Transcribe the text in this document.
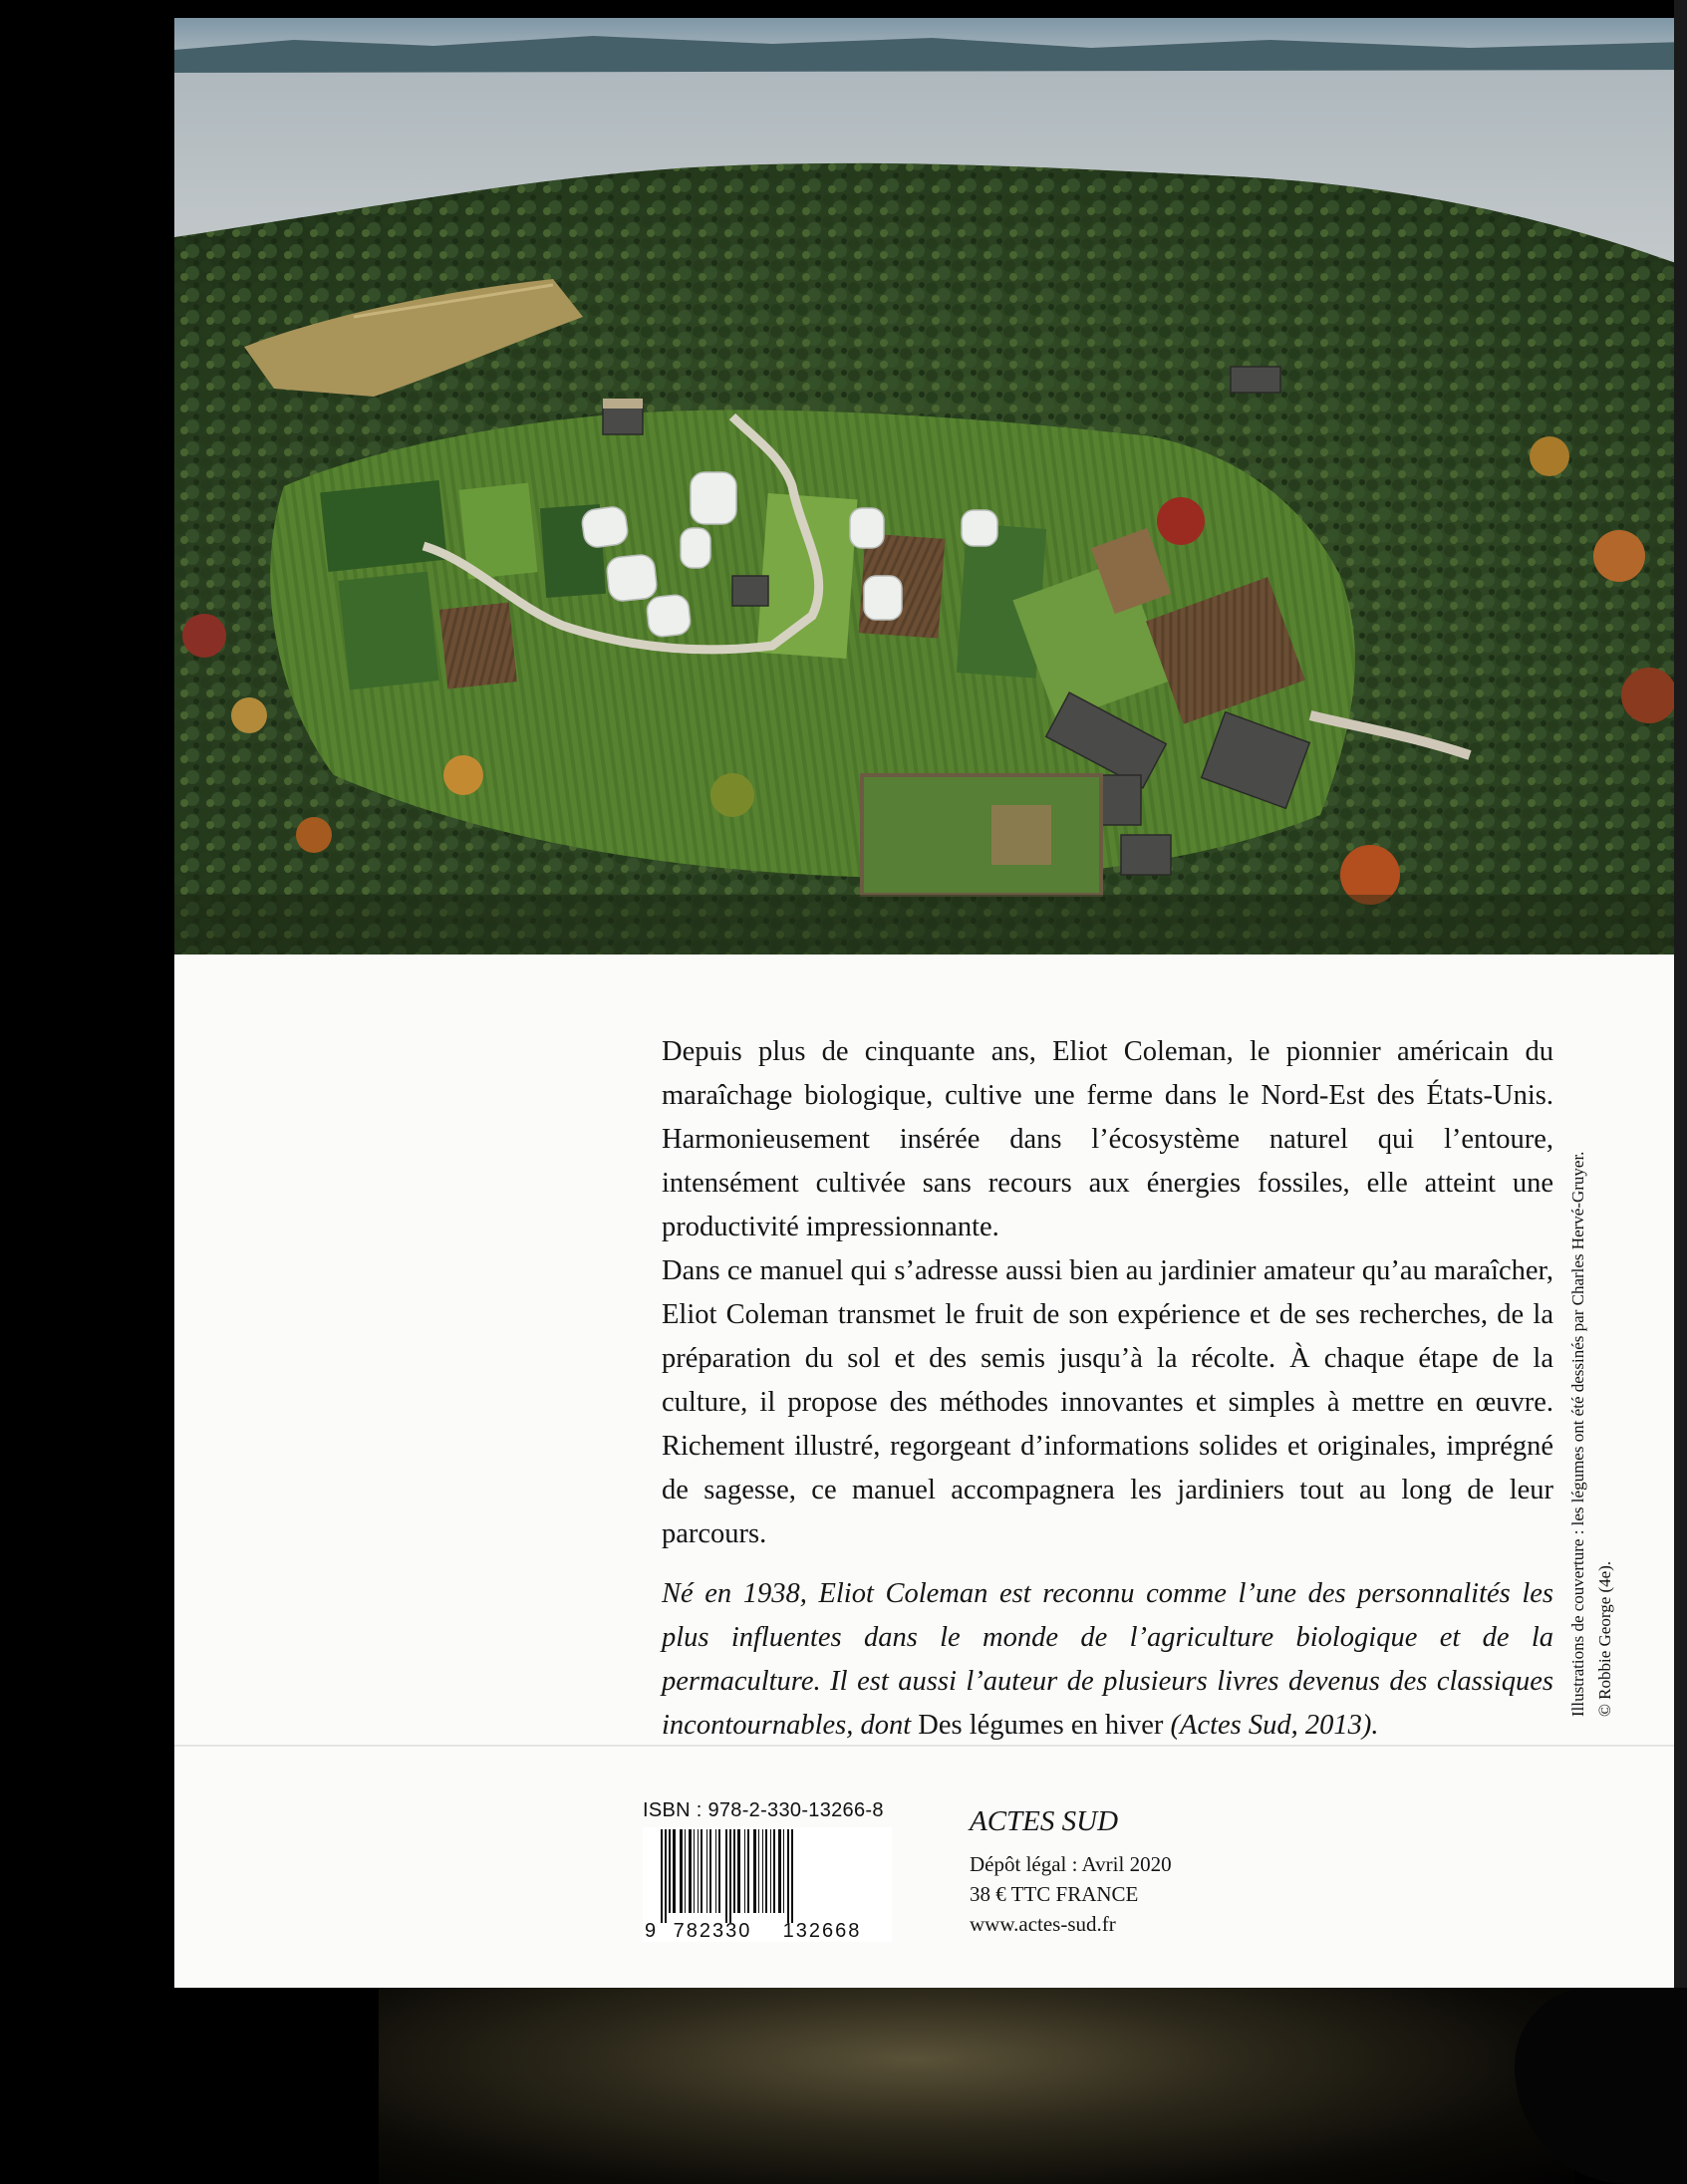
Depuis plus de cinquante ans, Eliot Coleman, le pionnier américain du maraîchage biologique, cultive une ferme dans le Nord-Est des États-Unis. Harmonieusement insérée dans l’écosystème naturel qui l’entoure, intensément cultivée sans recours aux énergies fossiles, elle atteint une productivité impressionnante.

Dans ce manuel qui s’adresse aussi bien au jardinier amateur qu’au maraîcher, Eliot Coleman transmet le fruit de son expérience et de ses recherches, de la préparation du sol et des semis jusqu’à la récolte. À chaque étape de la culture, il propose des méthodes innovantes et simples à mettre en œuvre. Richement illustré, regorgeant d’informations solides et originales, imprégné de sagesse, ce manuel accompagnera les jardiniers tout au long de leur parcours.

Né en 1938, Eliot Coleman est reconnu comme l’une des personnalités les plus influentes dans le monde de l’agriculture biologique et de la permaculture. Il est aussi l’auteur de plusieurs livres devenus des classiques incontournables, dont Des légumes en hiver (Actes Sud, 2013).

Illustrations de couverture : les légumes ont été dessinés par Charles Hervé-Gruyer. © Robbie George (4e).
ISBN : 978-2-330-13266-8
9 782330 132668
ACTES SUD
Dépôt légal : Avril 2020
38 € TTC FRANCE
www.actes-sud.fr
